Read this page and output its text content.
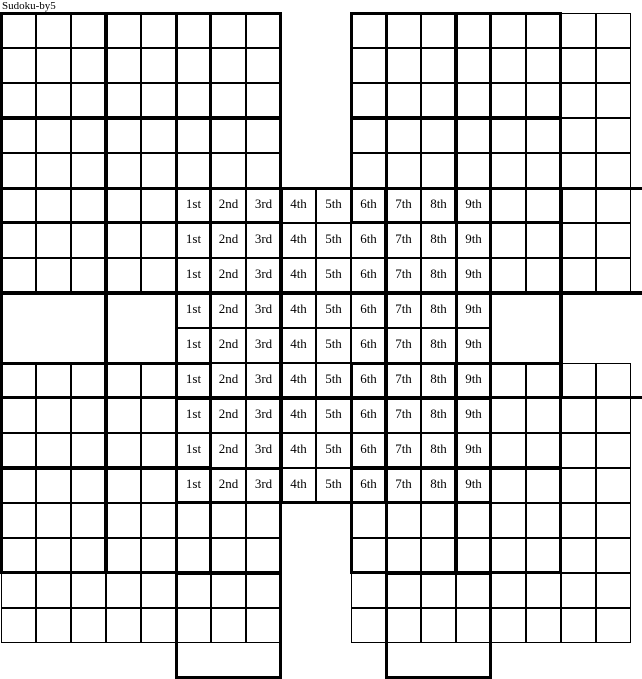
Sudoku-by5
1st
1st
1st
2nd
2nd
2nd
3rd
3rd
3rd
6th
6th
6th
7th
7th
7th
8th
8th
8th
9th
9th
9th
1st
1st
1st
1st
2nd
2nd
2nd
2nd
3rd
3rd
3rd
3rd
6th
6th
6th
6th
7th
7th
7th
7th
8th
8th
8th
8th
9th
9th
9th
9th
1st
1st
2nd
2nd
3rd
3rd
4th
4th
4th
4th
4th
4th
4th
4th
4th
5th
5th
5th
5th
5th
5th
5th
5th
5th
6th
6th
7th
7th
8th
8th
9th
9th
